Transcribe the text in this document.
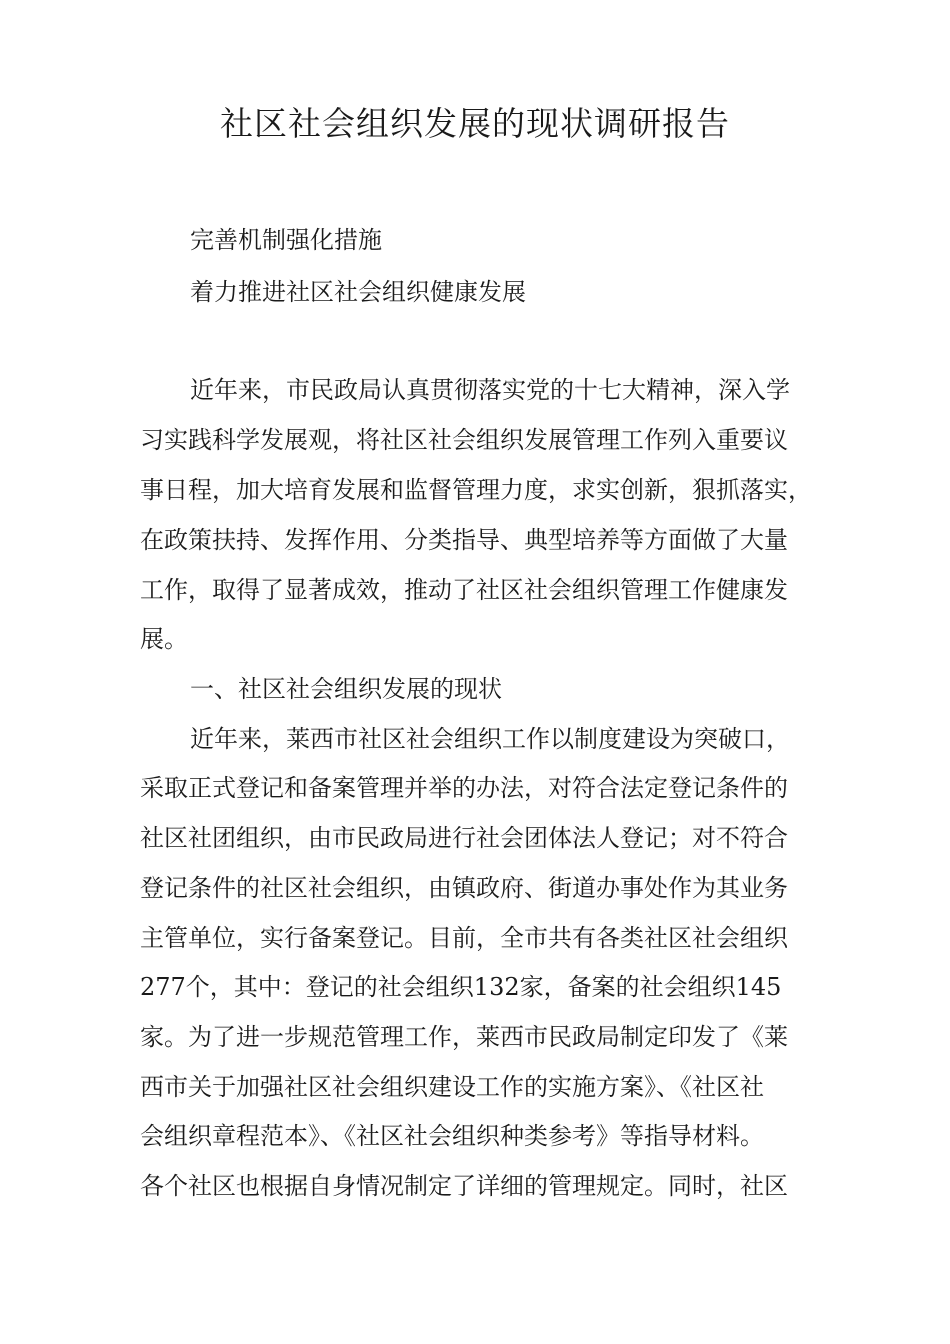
社区社会组织发展的现状调研报告

完善机制强化措施

着力推进社区社会组织健康发展

近年来，市民政局认真贯彻落实党的十七大精神，深入学

习实践科学发展观，将社区社会组织发展管理工作列入重要议

事日程，加大培育发展和监督管理力度，求实创新，狠抓落实，

在政策扶持、发挥作用、分类指导、典型培养等方面做了大量

工作，取得了显著成效，推动了社区社会组织管理工作健康发

展。

一、社区社会组织发展的现状

近年来，莱西市社区社会组织工作以制度建设为突破口，

采取正式登记和备案管理并举的办法，对符合法定登记条件的

社区社团组织，由市民政局进行社会团体法人登记；对不符合

登记条件的社区社会组织，由镇政府、街道办事处作为其业务

主管单位，实行备案登记。目前，全市共有各类社区社会组织

277个，其中：登记的社会组织132家，备案的社会组织145

家。为了进一步规范管理工作，莱西市民政局制定印发了《莱

西市关于加强社区社会组织建设工作的实施方案》、《社区社

会组织章程范本》、《社区社会组织种类参考》等指导材料。

各个社区也根据自身情况制定了详细的管理规定。同时，社区
